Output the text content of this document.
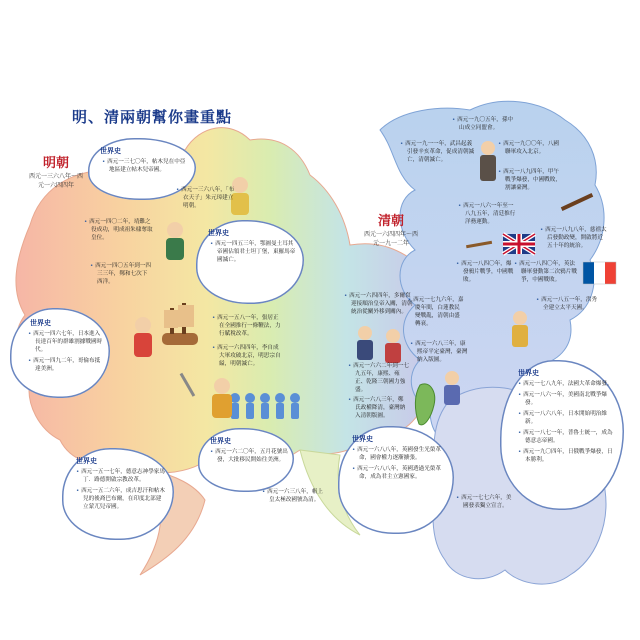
明、清兩朝幫你畫重點
明朝
西元一三六八年～西元一六四四年
清朝
西元一六四四年～西元一九一二年
世界史

• 西元一三七〇年，帖木兒在中亞地區建立帖木兒帝國。

• 西元一三六八年，「布衣天子」朱元璋建立明朝。

• 西元一四〇二年，靖難之役成功，明成祖朱棣奪取皇位。

• 西元一四〇五年到一四三三年，鄭和七次下西洋。

世界史

• 西元一四五三年，鄂圖曼土耳其帝國佔領君士坦丁堡，東羅馬帝國滅亡。

• 西元一五八一年，張居正在全國推行一條鞭法，力行賦稅改革。

• 西元一六四四年，李自成大軍攻破北京，明思宗自縊，明朝滅亡。

世界史

• 西元一四六七年，日本進入長達百年的群雄割據戰國時代。

• 西元一四九二年，哥倫布抵達美洲。

世界史

• 西元一五一七年，德意志神學家馬丁．路德開啟宗教改革。

• 西元一五二六年，成吉思汗和帖木兒的後裔巴布爾，在印度北部建立蒙兀兒帝國。

世界史

• 西元一六二〇年，五月花號出發，大批移民開始往美洲。

• 西元一六三八年，帳上皇太極改國號為清。

• 西元一九〇五年，孫中山成立同盟會。

• 西元一九一一年，武昌起義引發辛亥革命，促成清朝滅亡，清朝滅亡。

• 西元一九〇〇年，八國聯軍攻入北京。

• 西元一八九四年，甲午戰爭爆發，中國戰敗，割讓臺灣。

• 西元一八六一年至一八九五年，清廷推行洋務運動。

• 西元一八九八年，慈禧太后發動政變，開啟將近五十年的統治。

• 西元一八四〇年，英法聯軍發動第二次鴉片戰爭，中國戰敗。

• 西元一八四〇年，爆發鴉片戰爭，中國戰敗。

• 西元一八五一年，洪秀全建立太平天國。

• 西元一六四四年，多爾袞迎接順治皇帝入關，清朝統治從關外移到關內。

• 西元一七九六年，嘉慶年間，白蓮教民變戰亂，清朝由盛轉衰。

• 西元一六六二年到一七九五年，康熙、雍正、乾隆三朝國力強盛。

• 西元一六八三年，康熙帝平定臺灣，臺灣納入版圖。

• 西元一六八三年，鄭氏政權降清，臺灣納入清朝版圖。

世界史

• 西元一六八八年，英國發生光榮革命，國會權力逐漸擴張。

• 西元一六八八年，英國透過光榮革命，成為君主立憲國家。

• 西元一七七六年，美國發表獨立宣言。

世界史

• 西元一七八九年，法國大革命爆發。

• 西元一八六一年，美國南北戰爭爆發。

• 西元一八六八年，日本開始明治維新。

• 西元一八七一年，普魯士統一，成為德意志帝國。

• 西元一九〇四年，日俄戰爭爆發，日本勝利。
